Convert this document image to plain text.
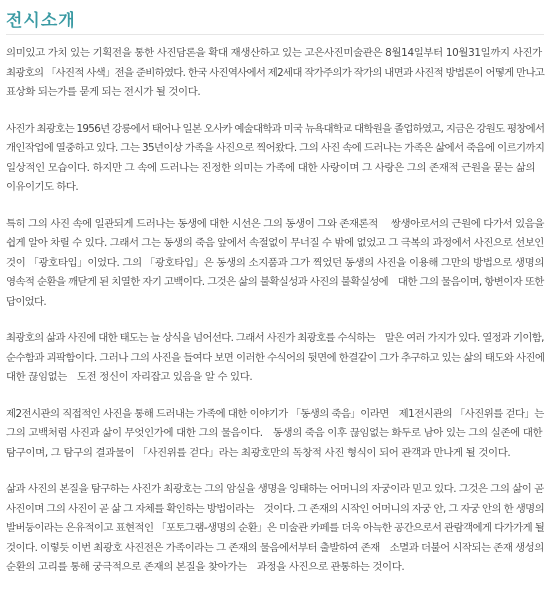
전시소개
의미있고 가치 있는 기획전을 통한 사진담론을 확대 재생산하고 있는 고은사진미술관은 8월14일부터 10월31일까지 사진가
최광호의 「사진적 사색」전을 준비하였다. 한국 사진역사에서 제2세대 작가주의가 작가의 내면과 사진적 방법론이 어떻게 만나고
표상화 되는가를 묻게 되는 전시가 될 것이다.
사진가 최광호는 1956년 강릉에서 태어나 일본 오사카 예술대학과 미국 뉴욕대학교 대학원을 졸업하였고, 지금은 강원도 평창에서
개인작업에 열중하고 있다. 그는 35년이상 가족을 사진으로 찍어왔다. 그의 사진 속에 드러나는 가족은 삶에서 죽음에 이르기까지
일상적인 모습이다. 하지만 그 속에 드러나는 진정한 의미는 가족에 대한 사랑이며 그 사랑은 그의 존재적 근원을 묻는 삶의
이유이기도 하다.
특히 그의 사진 속에 일관되게 드러나는 동생에 대한 시선은 그의 동생이 그와 존재론적 　쌍생아로서의 근원에 다가서 있음을
쉽게 알아 차릴 수 있다. 그래서 그는 동생의 죽음 앞에서 속절없이 무너질 수 밖에 없었고 그 극복의 과정에서 사진으로 선보인
것이 「광호타입」이었다. 그의 「광호타입」은 동생의 소지품과 그가 찍었던 동생의 사진을 이용해 그만의 방법으로 생명의
영속적 순환을 깨닫게 된 치열한 자기 고백이다. 그것은 삶의 불확실성과 사진의 불확실성에　대한 그의 물음이며, 항변이자 또한
답이었다.
최광호의 삶과 사진에 대한 태도는 늘 상식을 넘어선다. 그래서 사진가 최광호를 수식하는　말은 여러 가지가 있다. 열정과 기이함,
순수함과 괴팍함이다. 그러나 그의 사진을 들여다 보면 이러한 수식어의 뒷면에 한결같이 그가 추구하고 있는 삶의 태도와 사진에
대한 끊임없는　도전 정신이 자리잡고 있음을 알 수 있다.
제2전시관의 직접적인 사진을 통해 드러내는 가족에 대한 이야기가 「동생의 죽음」이라면　제1전시관의 「사진위를 걷다」는
그의 고백처럼 사진과 삶이 무엇인가에 대한 그의 물음이다.　동생의 죽음 이후 끊임없는 화두로 남아 있는 그의 실존에 대한
탐구이며, 그 탐구의 결과물이 「사진위를 걷다」라는 최광호만의 독창적 사진 형식이 되어 관객과 만나게 될 것이다.
삶과 사진의 본질을 탐구하는 사진가 최광호는 그의 암실을 생명을 잉태하는 어머니의 자궁이라 믿고 있다. 그것은 그의 삶이 곧
사진이며 그의 사진이 곧 삶 그 자체를 확인하는 방법이라는　것이다. 그 존재의 시작인 어머니의 자궁 안, 그 자궁 안의 한 생명의
발버둥이라는 은유적이고 표현적인 「포토그램-생명의 순환」은 미술관 카페를 더욱 아늑한 공간으로서 관람객에게 다가가게 될
것이다. 이렇듯 이번 최광호 사진전은 가족이라는 그 존재의 물음에서부터 출발하여 존재　소멸과 더불어 시작되는 존재 생성의
순환의 고리를 통해 궁극적으로 존재의 본질을 찾아가는　과정을 사진으로 관통하는 것이다.
